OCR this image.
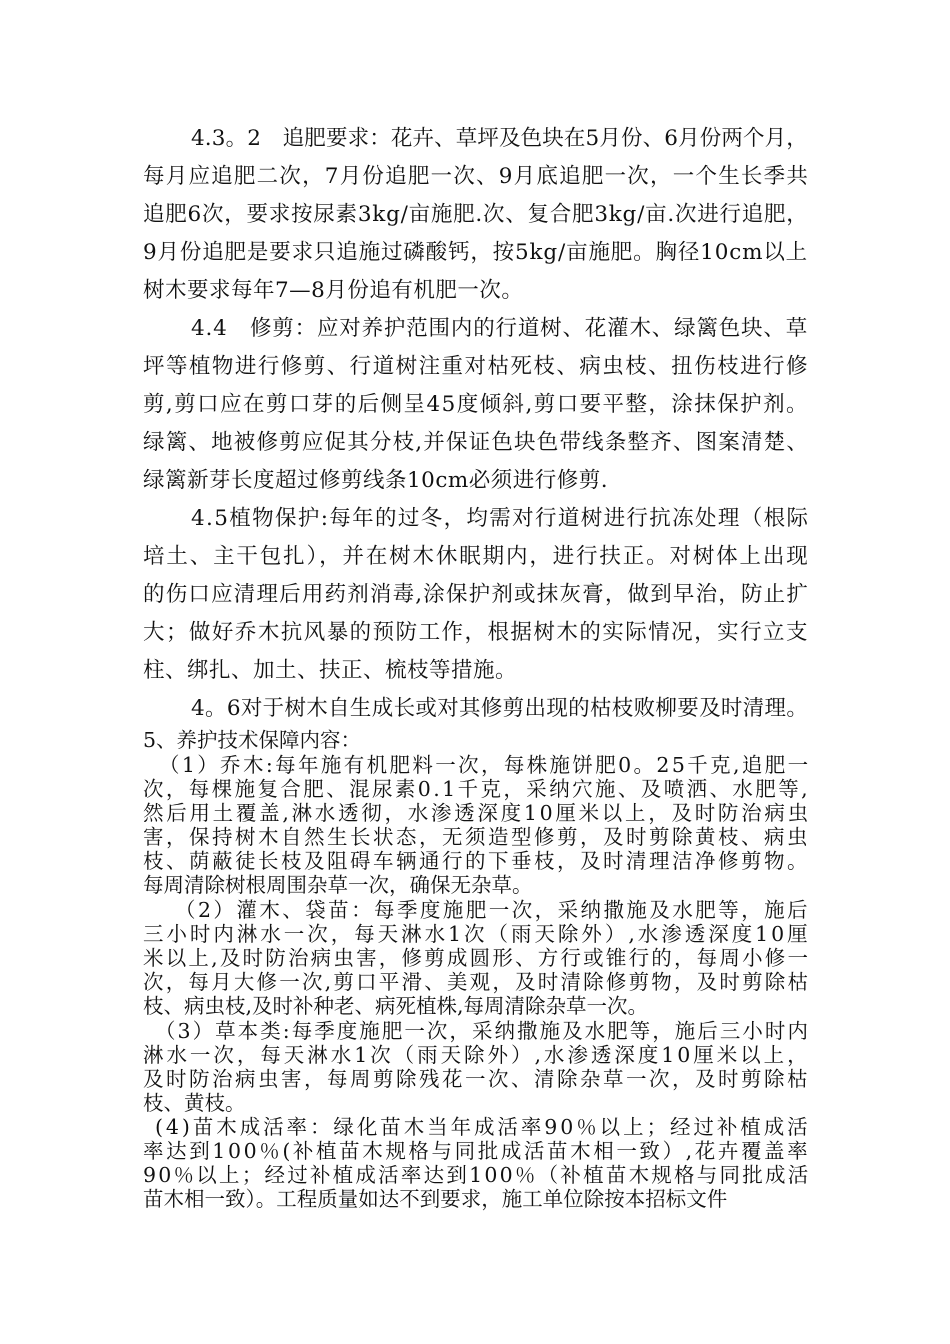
4.3。2　追肥要求：花卉、草坪及色块在5月份、6月份两个月，
每月应追肥二次，7月份追肥一次、9月底追肥一次，一个生长季共
追肥6次，要求按尿素3kg/亩施肥.次、复合肥3kg/亩.次进行追肥，
9月份追肥是要求只追施过磷酸钙，按5kg/亩施肥。胸径10cm以上
树木要求每年7—8月份追有机肥一次。
4.4　修剪：应对养护范围内的行道树、花灌木、绿篱色块、草
坪等植物进行修剪、行道树注重对枯死枝、病虫枝、扭伤枝进行修
剪,剪口应在剪口芽的后侧呈45度倾斜,剪口要平整，涂抹保护剂。
绿篱、地被修剪应促其分枝,并保证色块色带线条整齐、图案清楚、
绿篱新芽长度超过修剪线条10cm必须进行修剪.
4.5植物保护:每年的过冬，均需对行道树进行抗冻处理（根际
培土、主干包扎），并在树木休眠期内，进行扶正。对树体上出现
的伤口应清理后用药剂消毒,涂保护剂或抹灰膏，做到早治，防止扩
大；做好乔木抗风暴的预防工作，根据树木的实际情况，实行立支
柱、绑扎、加土、扶正、梳枝等措施。
4。6对于树木自生成长或对其修剪出现的枯枝败柳要及时清理。
5、养护技术保障内容：
（1）乔木:每年施有机肥料一次，每株施饼肥0。25千克,追肥一
次，每棵施复合肥、混尿素0.1千克，采纳穴施、及喷洒、水肥等,
然后用土覆盖,淋水透彻，水渗透深度10厘米以上，及时防治病虫
害，保持树木自然生长状态，无须造型修剪，及时剪除黄枝、病虫
枝、荫蔽徒长枝及阻碍车辆通行的下垂枝，及时清理洁净修剪物。
每周清除树根周围杂草一次，确保无杂草。
（2）灌木、袋苗：每季度施肥一次，采纳撒施及水肥等，施后
三小时内淋水一次，每天淋水1次（雨天除外）,水渗透深度10厘
米以上,及时防治病虫害，修剪成圆形、方行或锥行的，每周小修一
次，每月大修一次,剪口平滑、美观，及时清除修剪物，及时剪除枯
枝、病虫枝,及时补种老、病死植株,每周清除杂草一次。
（3）草本类:每季度施肥一次，采纳撒施及水肥等，施后三小时内
淋水一次，每天淋水1次（雨天除外）,水渗透深度10厘米以上，
及时防治病虫害，每周剪除残花一次、清除杂草一次，及时剪除枯
枝、黄枝。
(4)苗木成活率：绿化苗木当年成活率90％以上；经过补植成活
率达到100％(补植苗木规格与同批成活苗木相一致）,花卉覆盖率
90％以上；经过补植成活率达到100％（补植苗木规格与同批成活
苗木相一致）。工程质量如达不到要求，施工单位除按本招标文件
